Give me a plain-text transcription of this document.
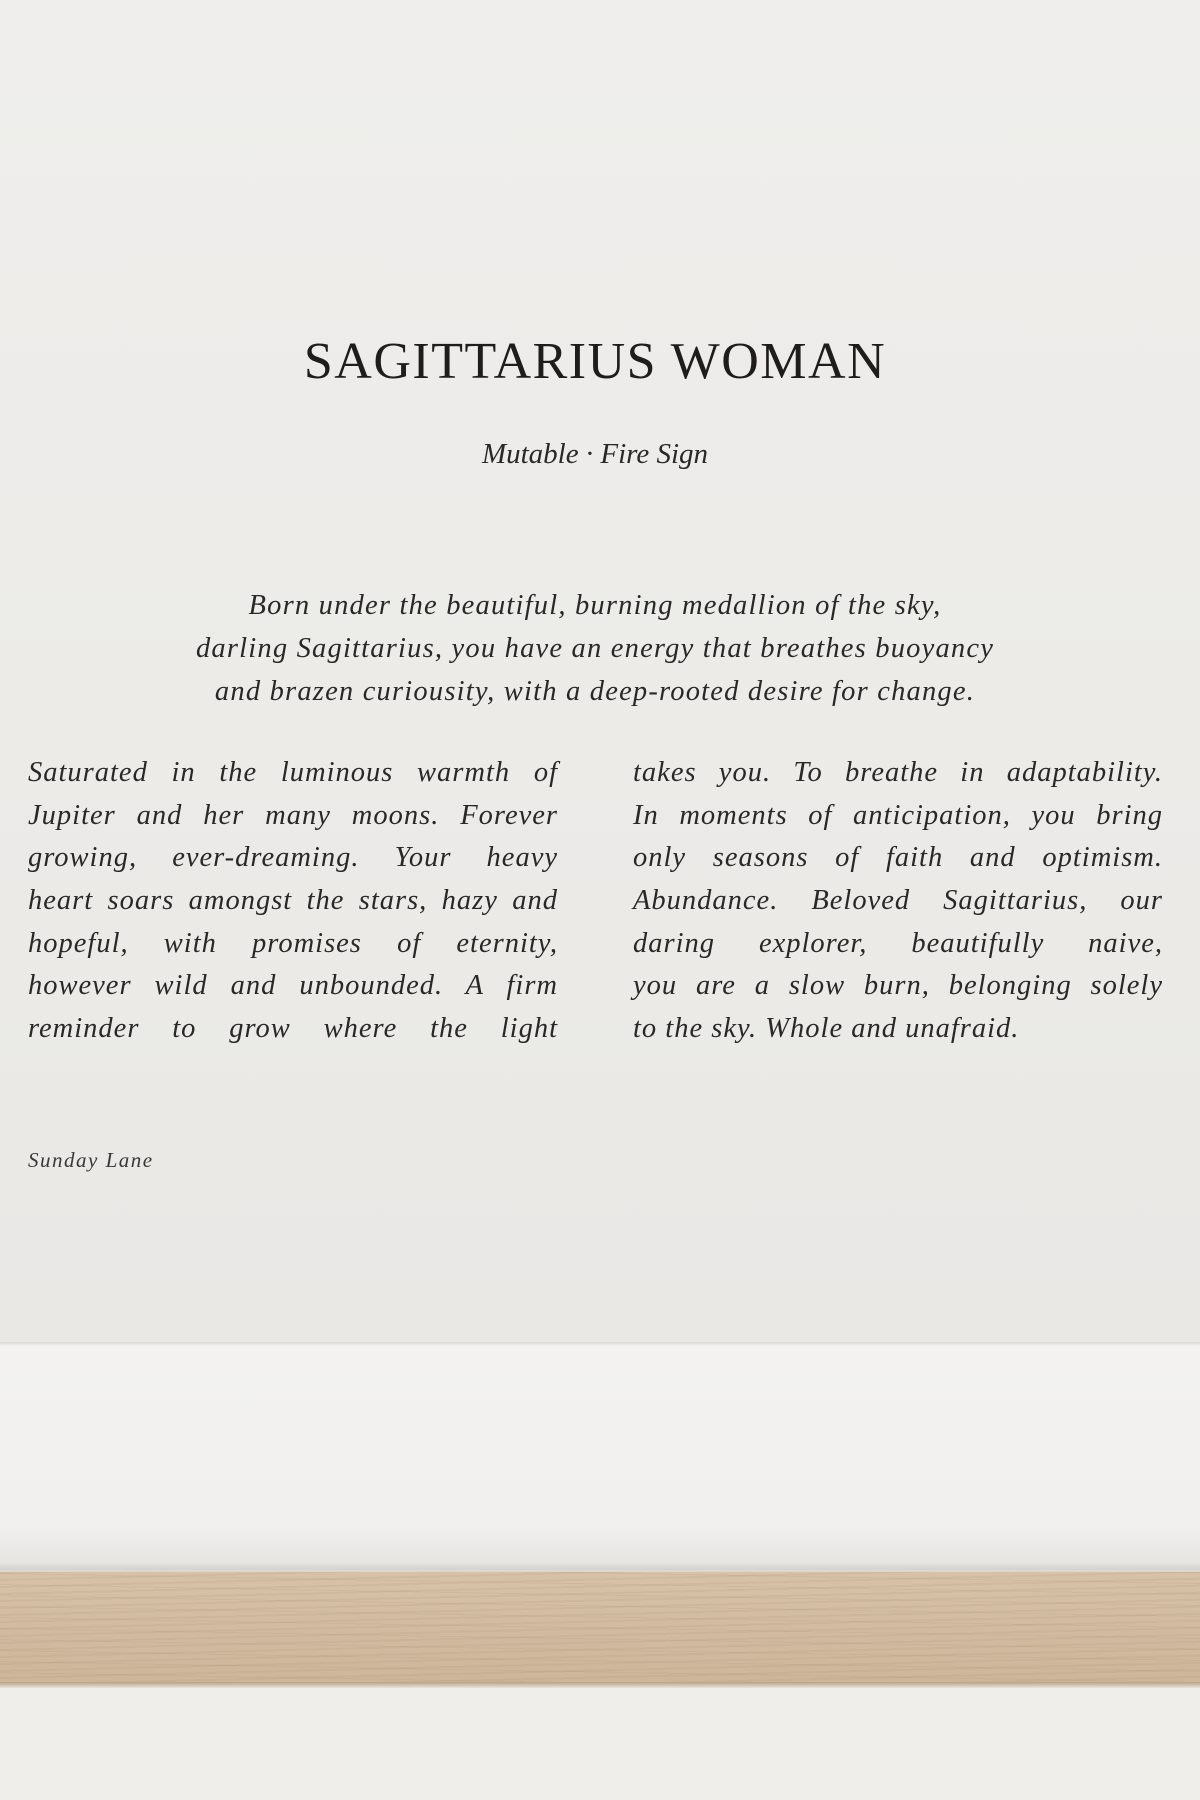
SAGITTARIUS WOMAN

Mutable · Fire Sign

Born under the beautiful, burning medallion of the sky,
darling Sagittarius, you have an energy that breathes buoyancy
and brazen curiousity, with a deep-rooted desire for change.
Saturated in the luminous warmth of
Jupiter and her many moons. Forever
growing, ever-dreaming. Your heavy
heart soars amongst the stars, hazy and
hopeful, with promises of eternity,
however wild and unbounded. A firm
reminder to grow where the light
takes you. To breathe in adaptability.
In moments of anticipation, you bring
only seasons of faith and optimism.
Abundance. Beloved Sagittarius, our
daring explorer, beautifully naive,
you are a slow burn, belonging solely
to the sky. Whole and unafraid.

Sunday Lane
